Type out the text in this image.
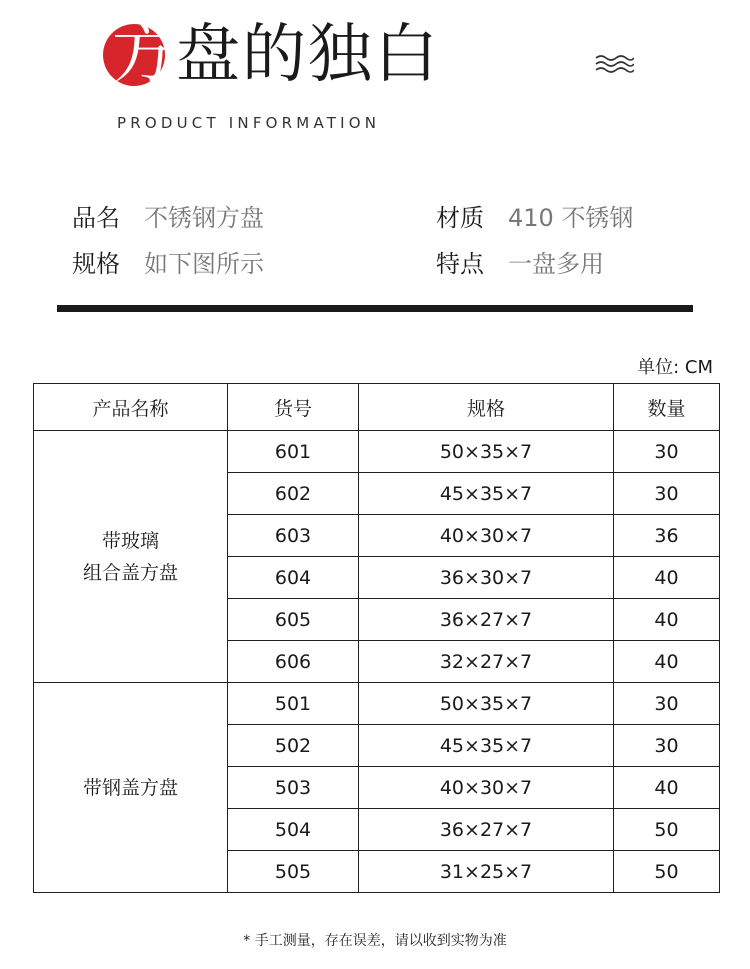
方 盘的独白
PRODUCT INFORMATION
品名 不锈钢方盘	材质 410 不锈钢
规格 如下图所示	特点 一盘多用
单位: CM
产品名称	货号	规格	数量

带玻璃
组合盖方盘	601	50×35×7	30
	602	45×35×7	30
	603	40×30×7	36
	604	36×30×7	40
	605	36×27×7	40
	606	32×27×7	40

带钢盖方盘	501	50×35×7	30
	502	45×35×7	30
	503	40×30×7	40
	504	36×27×7	50
	505	31×25×7	50
* 手工测量，存在误差，请以收到实物为准
